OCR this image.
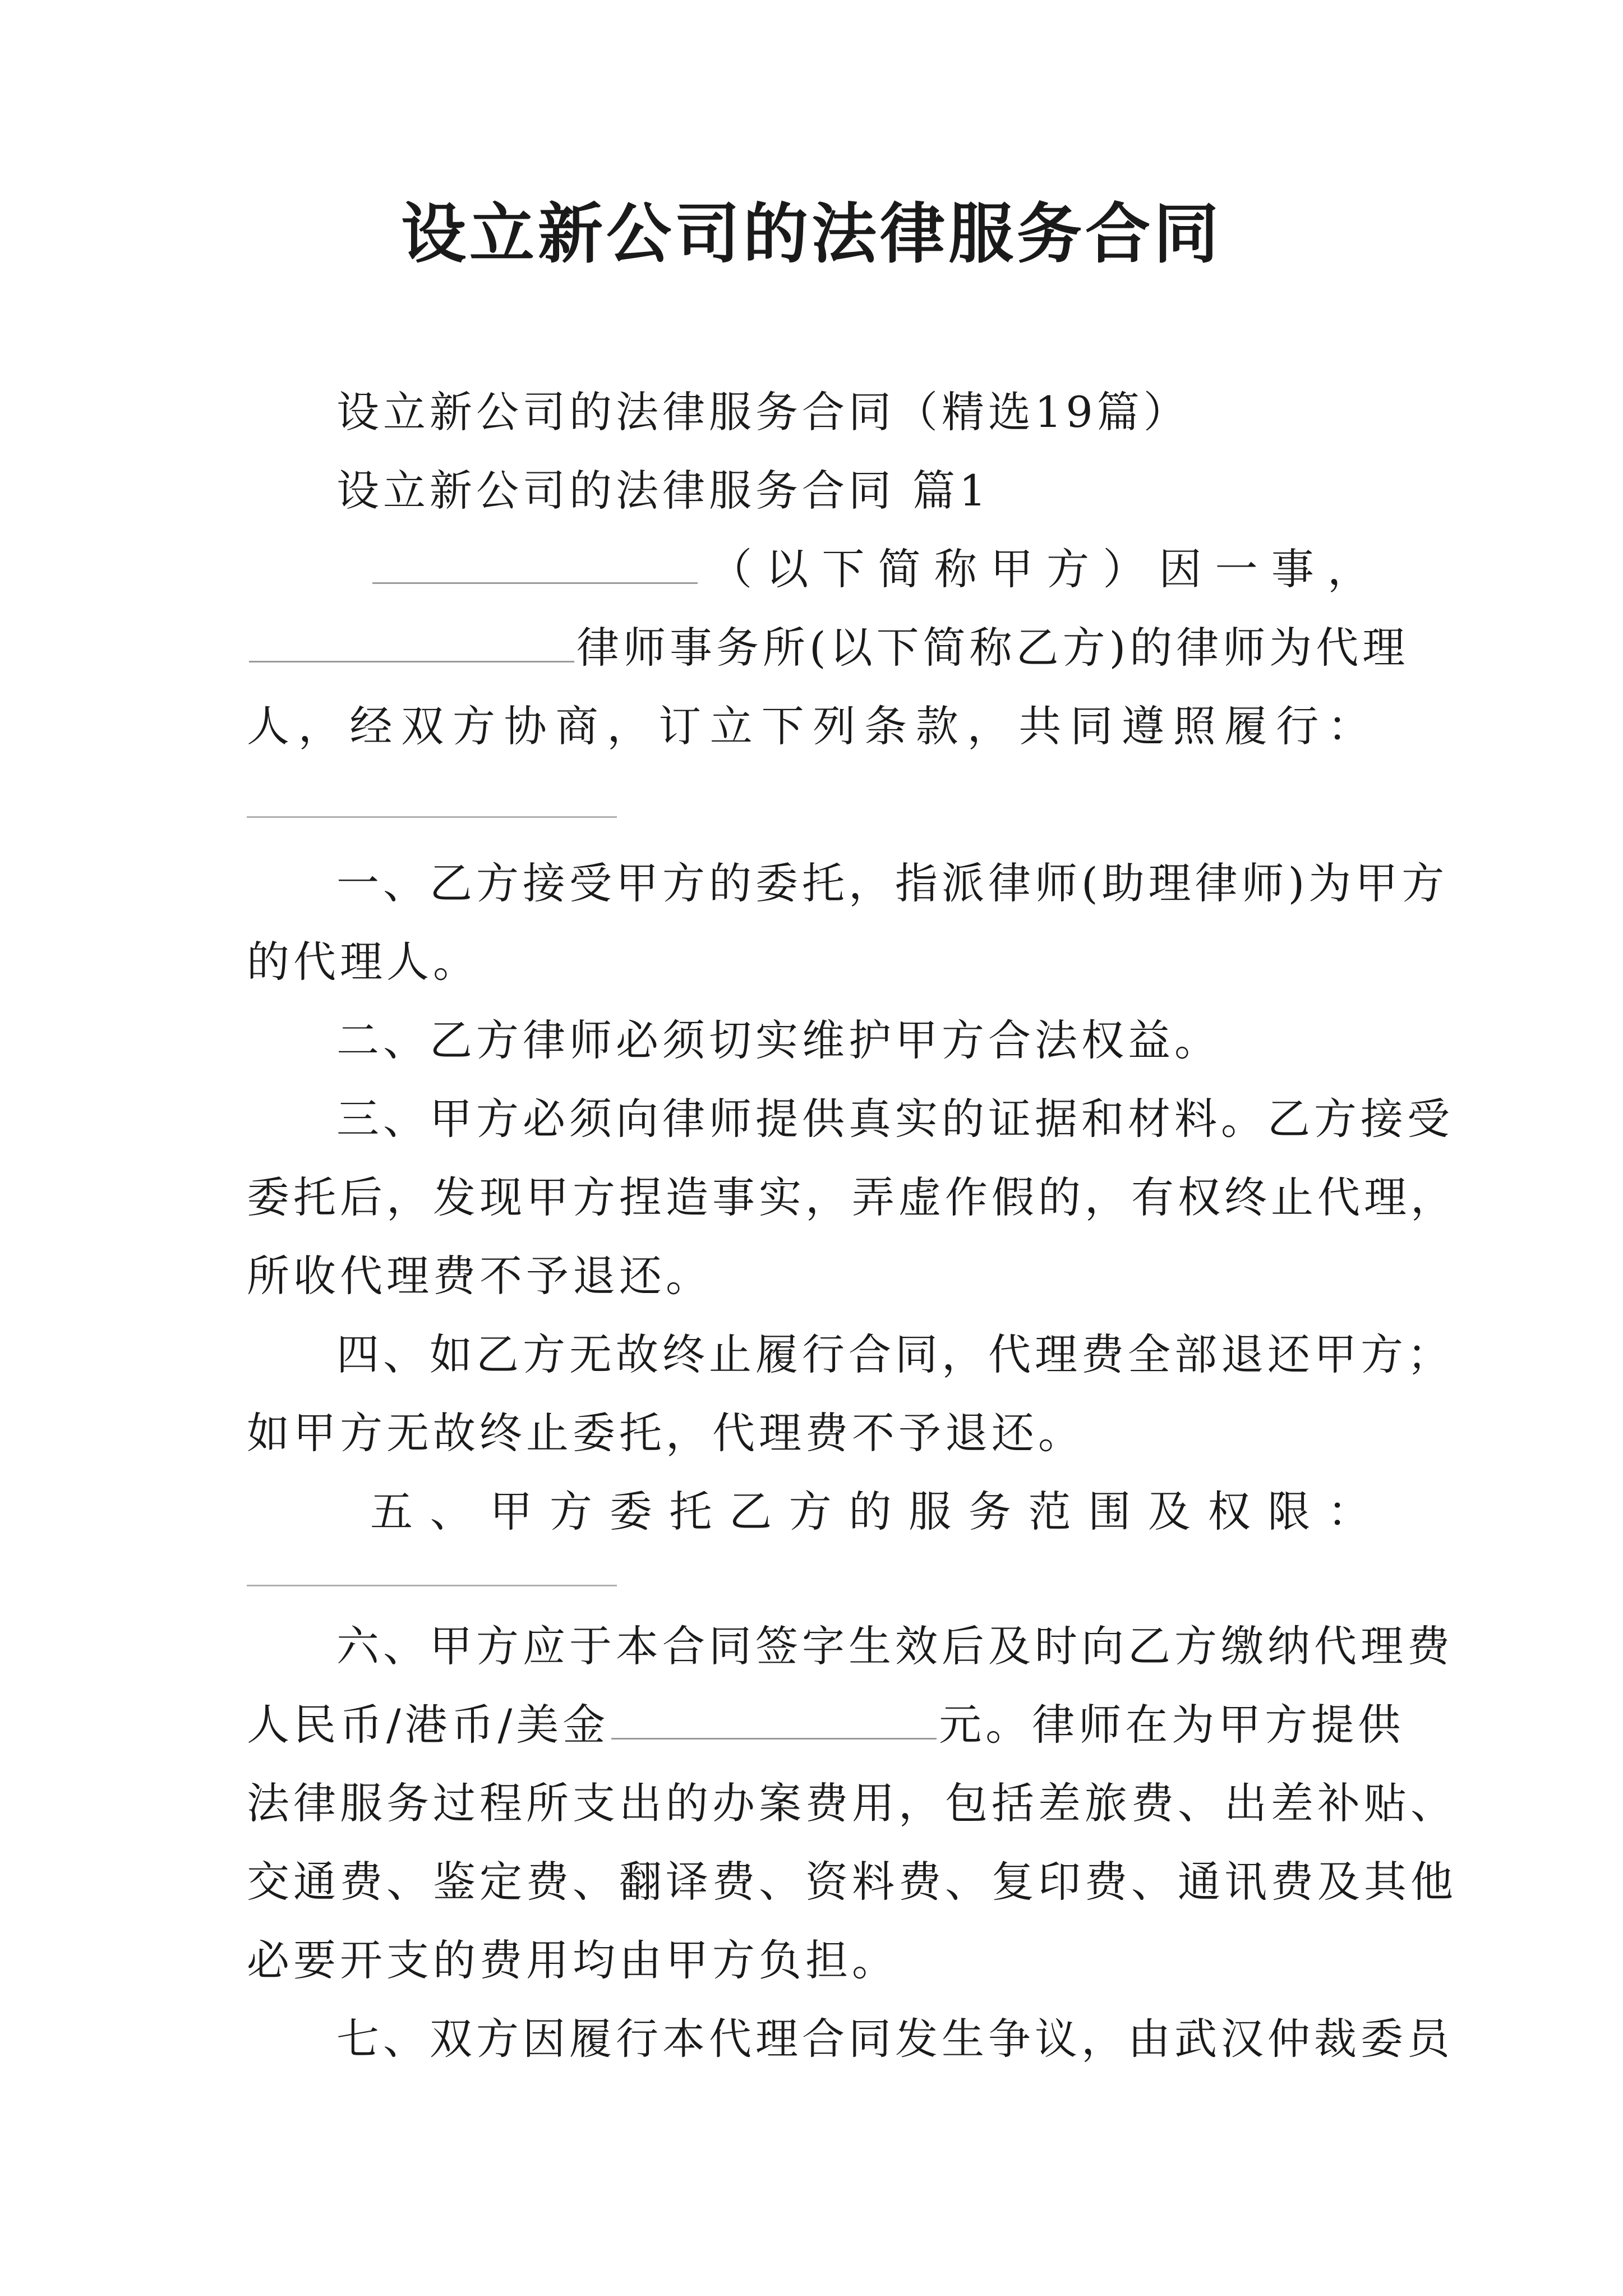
设立新公司的法律服务合同
设立新公司的法律服务合同（精选19篇）
设立新公司的法律服务合同 篇1
（以下简称甲方）因一事，
律师事务所(以下简称乙方)的律师为代理
人，经双方协商，订立下列条款，共同遵照履行：
一、乙方接受甲方的委托，指派律师(助理律师)为甲方
的代理人。
二、乙方律师必须切实维护甲方合法权益。
三、甲方必须向律师提供真实的证据和材料。乙方接受
委托后，发现甲方捏造事实，弄虚作假的，有权终止代理，
所收代理费不予退还。
四、如乙方无故终止履行合同，代理费全部退还甲方；
如甲方无故终止委托，代理费不予退还。
五、甲方委托乙方的服务范围及权限：
六、甲方应于本合同签字生效后及时向乙方缴纳代理费
人民币/港币/美金	元。律师在为甲方提供
法律服务过程所支出的办案费用，包括差旅费、出差补贴、
交通费、鉴定费、翻译费、资料费、复印费、通讯费及其他
必要开支的费用均由甲方负担。
七、双方因履行本代理合同发生争议，由武汉仲裁委员
